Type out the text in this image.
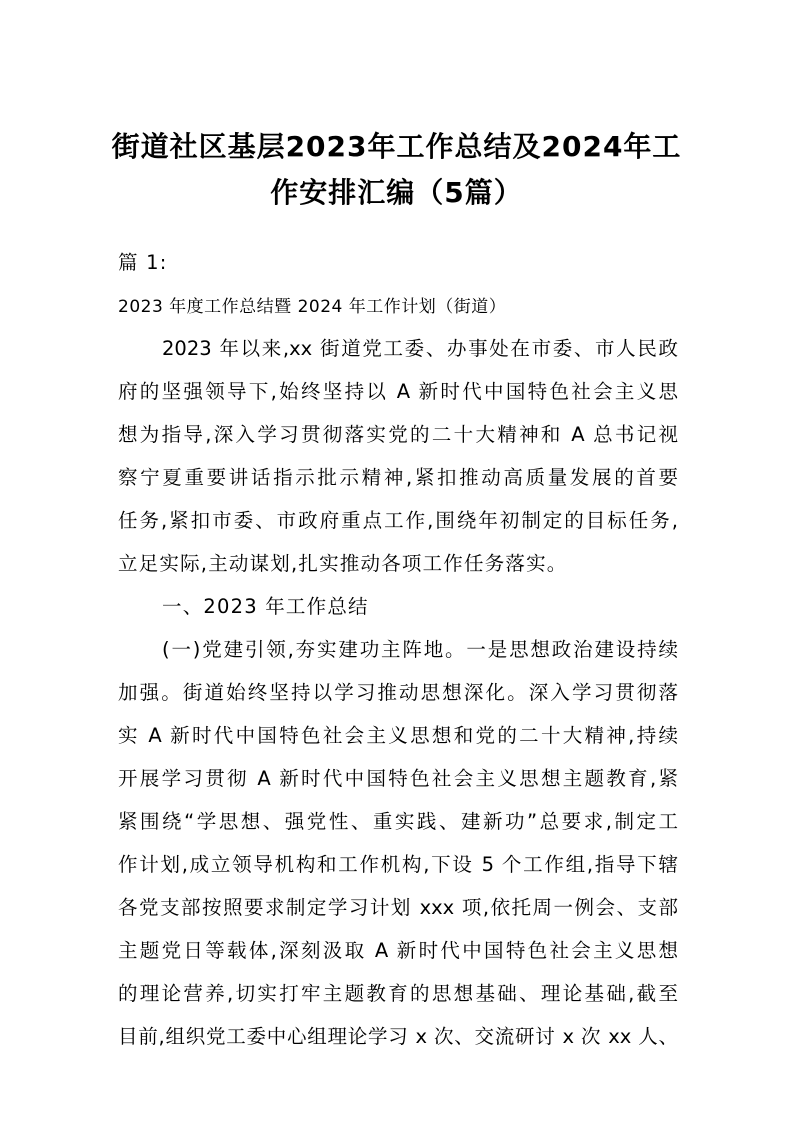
街道社区基层2023年工作总结及2024年工
作安排汇编（5篇）
篇 1:
2023 年度工作总结暨 2024 年工作计划（街道）
2023 年以来,xx 街道党工委、办事处在市委、市人民政
府的坚强领导下,始终坚持以 A 新时代中国特色社会主义思
想为指导,深入学习贯彻落实党的二十大精神和 A 总书记视
察宁夏重要讲话指示批示精神,紧扣推动高质量发展的首要
任务,紧扣市委、市政府重点工作,围绕年初制定的目标任务,
立足实际,主动谋划,扎实推动各项工作任务落实。
一、2023 年工作总结
(一)党建引领,夯实建功主阵地。一是思想政治建设持续
加强。街道始终坚持以学习推动思想深化。深入学习贯彻落
实 A 新时代中国特色社会主义思想和党的二十大精神,持续
开展学习贯彻 A 新时代中国特色社会主义思想主题教育,紧
紧围绕“学思想、强党性、重实践、建新功”总要求,制定工
作计划,成立领导机构和工作机构,下设 5 个工作组,指导下辖
各党支部按照要求制定学习计划 xxx 项,依托周一例会、支部
主题党日等载体,深刻汲取 A 新时代中国特色社会主义思想
的理论营养,切实打牢主题教育的思想基础、理论基础,截至
目前,组织党工委中心组理论学习 x 次、交流研讨 x 次 xx 人、
